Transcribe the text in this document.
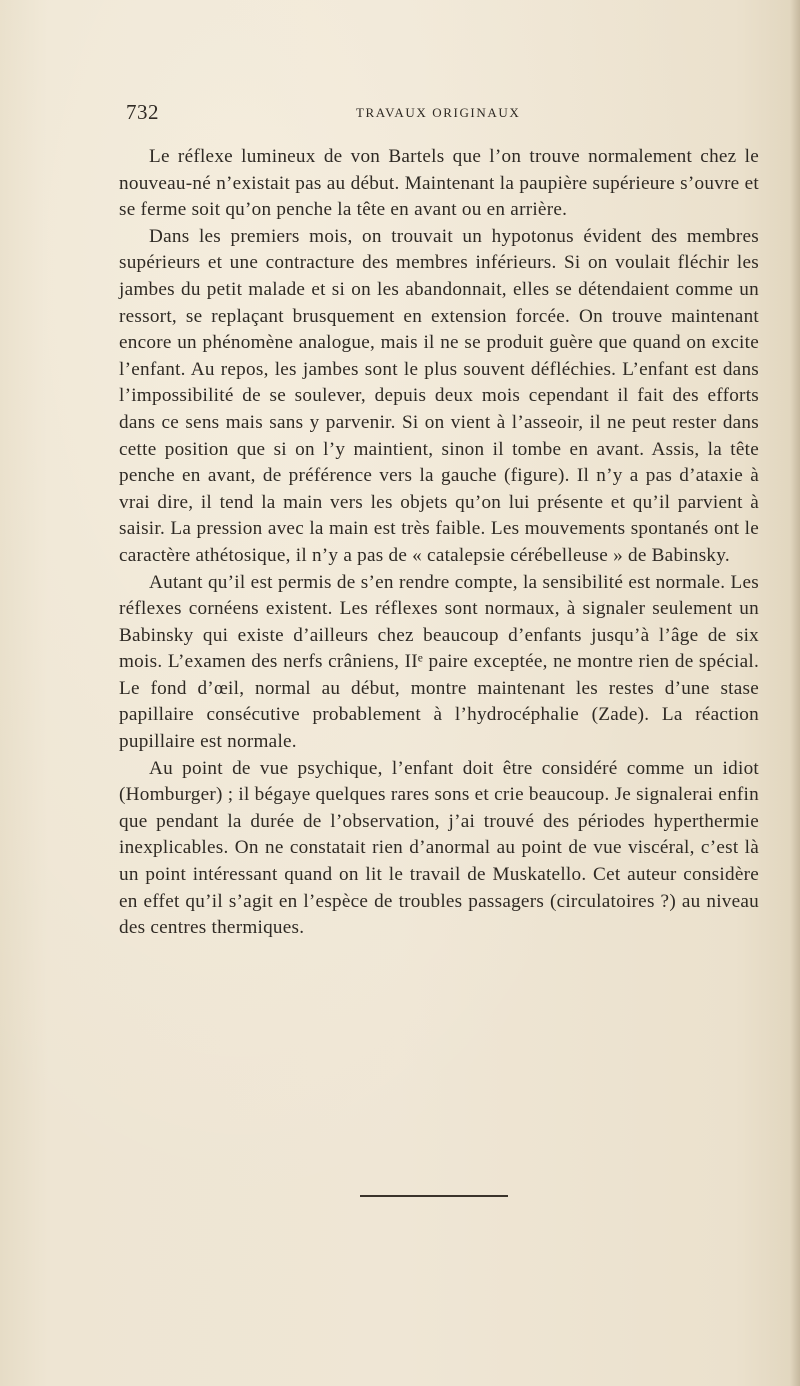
732	TRAVAUX ORIGINAUX

Le réflexe lumineux de von Bartels que l’on trouve normalement chez le nouveau-né n’existait pas au début. Maintenant la paupière supérieure s’ouvre et se ferme soit qu’on penche la tête en avant ou en arrière.

Dans les premiers mois, on trouvait un hypotonus évident des membres supérieurs et une contracture des membres inférieurs. Si on voulait fléchir les jambes du petit malade et si on les abandonnait, elles se détendaient comme un ressort, se replaçant brusquement en extension forcée. On trouve maintenant encore un phénomène analogue, mais il ne se produit guère que quand on excite l’enfant. Au repos, les jambes sont le plus souvent défléchies. L’enfant est dans l’impossibilité de se soulever, depuis deux mois cependant il fait des efforts dans ce sens mais sans y parvenir. Si on vient à l’asseoir, il ne peut rester dans cette position que si on l’y maintient, sinon il tombe en avant. Assis, la tête penche en avant, de préférence vers la gauche (figure). Il n’y a pas d’ataxie à vrai dire, il tend la main vers les objets qu’on lui présente et qu’il parvient à saisir. La pression avec la main est très faible. Les mouvements spontanés ont le caractère athétosique, il n’y a pas de « catalepsie cérébelleuse » de Babinsky.

Autant qu’il est permis de s’en rendre compte, la sensibilité est normale. Les réflexes cornéens existent. Les réflexes sont normaux, à signaler seulement un Babinsky qui existe d’ailleurs chez beaucoup d’enfants jusqu’à l’âge de six mois. L’examen des nerfs crâniens, IIᵉ paire exceptée, ne montre rien de spécial. Le fond d’œil, normal au début, montre maintenant les restes d’une stase papillaire consécutive probablement à l’hydrocéphalie (Zade). La réaction pupillaire est normale.

Au point de vue psychique, l’enfant doit être considéré comme un idiot (Homburger) ; il bégaye quelques rares sons et crie beaucoup. Je signalerai enfin que pendant la durée de l’observation, j’ai trouvé des périodes hyperthermie inexplicables. On ne constatait rien d’anormal au point de vue viscéral, c’est là un point intéressant quand on lit le travail de Muskatello. Cet auteur considère en effet qu’il s’agit en l’espèce de troubles passagers (circulatoires ?) au niveau des centres thermiques.
